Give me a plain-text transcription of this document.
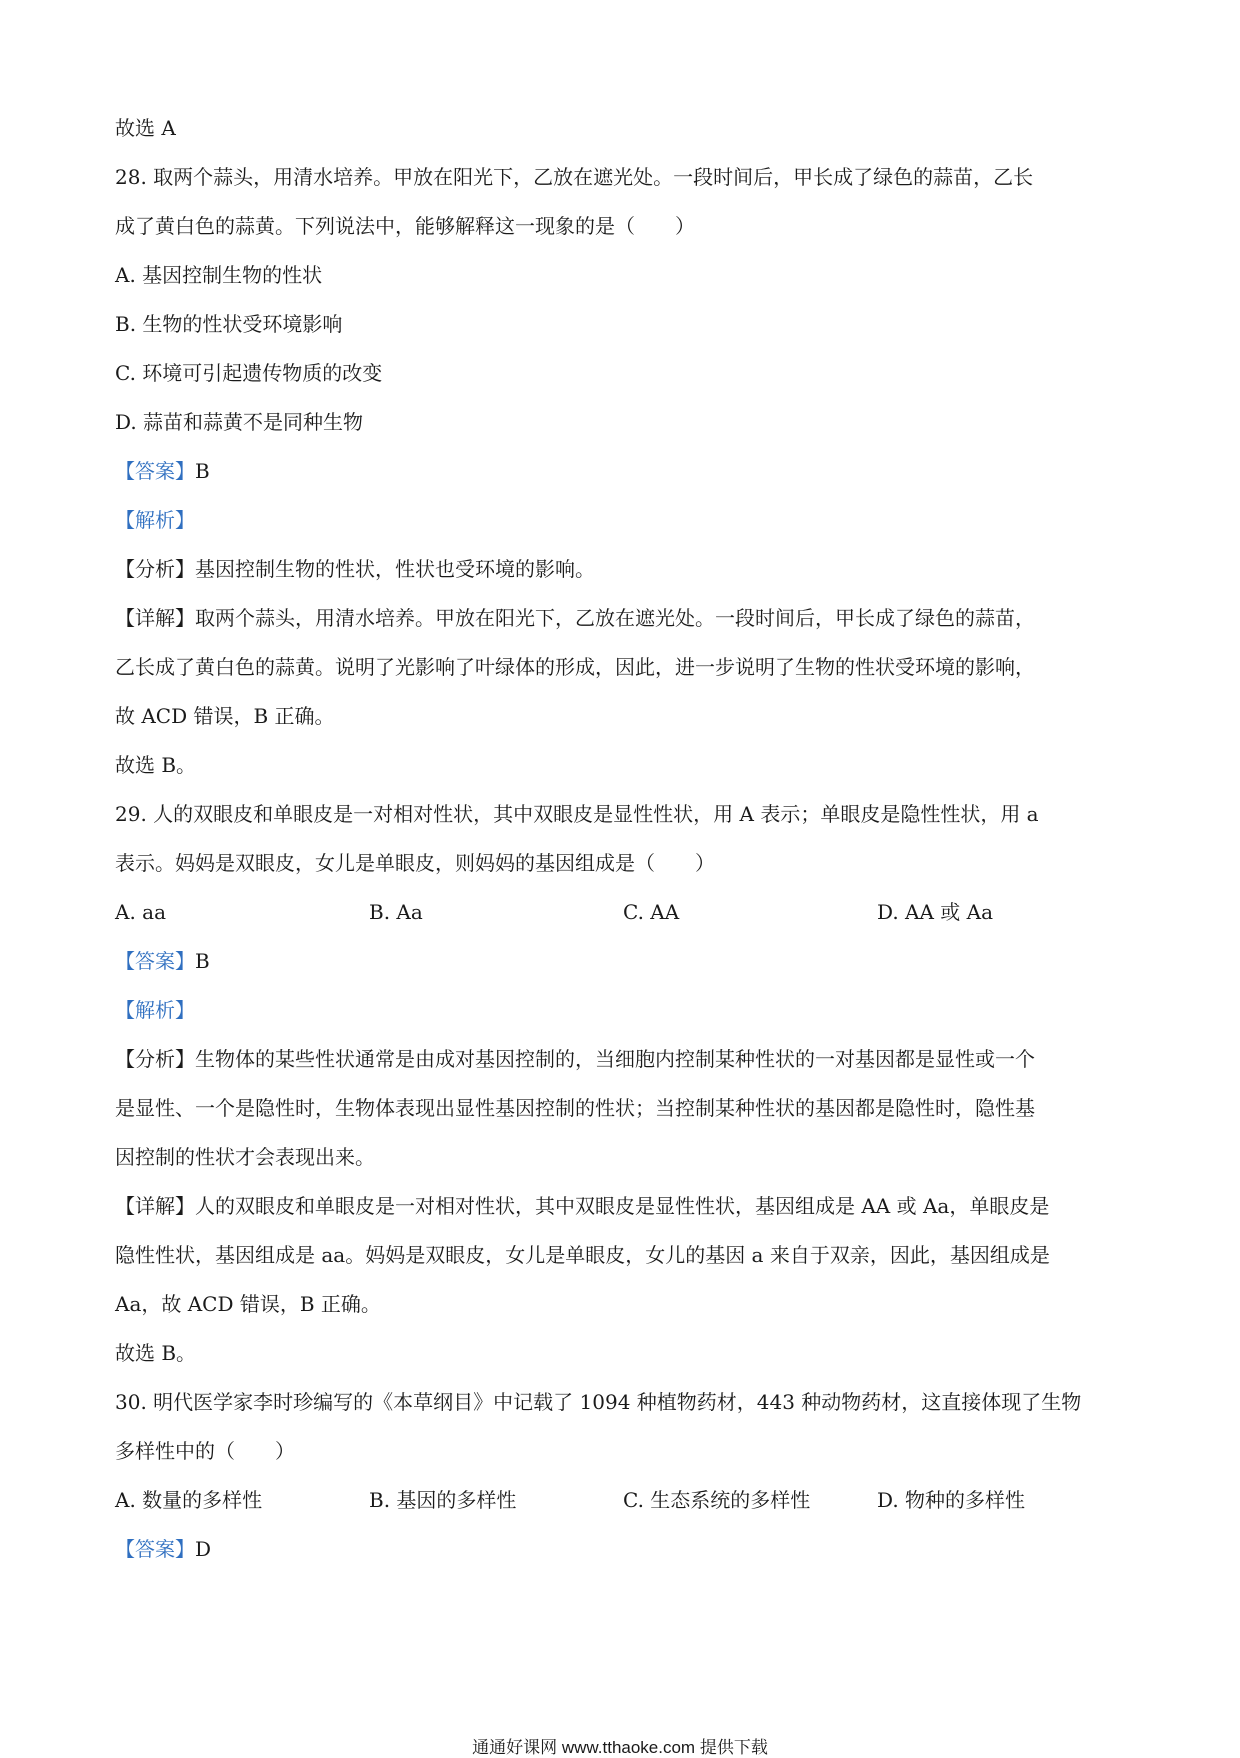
故选 A
28. 取两个蒜头，用清水培养。甲放在阳光下，乙放在遮光处。一段时间后，甲长成了绿色的蒜苗，乙长
成了黄白色的蒜黄。下列说法中，能够解释这一现象的是（　　）
A. 基因控制生物的性状
B. 生物的性状受环境影响
C. 环境可引起遗传物质的改变
D. 蒜苗和蒜黄不是同种生物
【答案】B
【解析】
【分析】基因控制生物的性状，性状也受环境的影响。
【详解】取两个蒜头，用清水培养。甲放在阳光下，乙放在遮光处。一段时间后，甲长成了绿色的蒜苗，
乙长成了黄白色的蒜黄。说明了光影响了叶绿体的形成，因此，进一步说明了生物的性状受环境的影响，
故 ACD 错误，B 正确。
故选 B。
29. 人的双眼皮和单眼皮是一对相对性状，其中双眼皮是显性性状，用 A 表示；单眼皮是隐性性状，用 a
表示。妈妈是双眼皮，女儿是单眼皮，则妈妈的基因组成是（　　）
A. aa	B. Aa	C. AA	D. AA 或 Aa
【答案】B
【解析】
【分析】生物体的某些性状通常是由成对基因控制的，当细胞内控制某种性状的一对基因都是显性或一个
是显性、一个是隐性时，生物体表现出显性基因控制的性状；当控制某种性状的基因都是隐性时，隐性基
因控制的性状才会表现出来。
【详解】人的双眼皮和单眼皮是一对相对性状，其中双眼皮是显性性状，基因组成是 AA 或 Aa，单眼皮是
隐性性状，基因组成是 aa。妈妈是双眼皮，女儿是单眼皮，女儿的基因 a 来自于双亲，因此，基因组成是
Aa，故 ACD 错误，B 正确。
故选 B。
30. 明代医学家李时珍编写的《本草纲目》中记载了 1094 种植物药材，443 种动物药材，这直接体现了生物
多样性中的（　　）
A. 数量的多样性	B. 基因的多样性	C. 生态系统的多样性	D. 物种的多样性
【答案】D
通通好课网 www.tthaoke.com 提供下载
